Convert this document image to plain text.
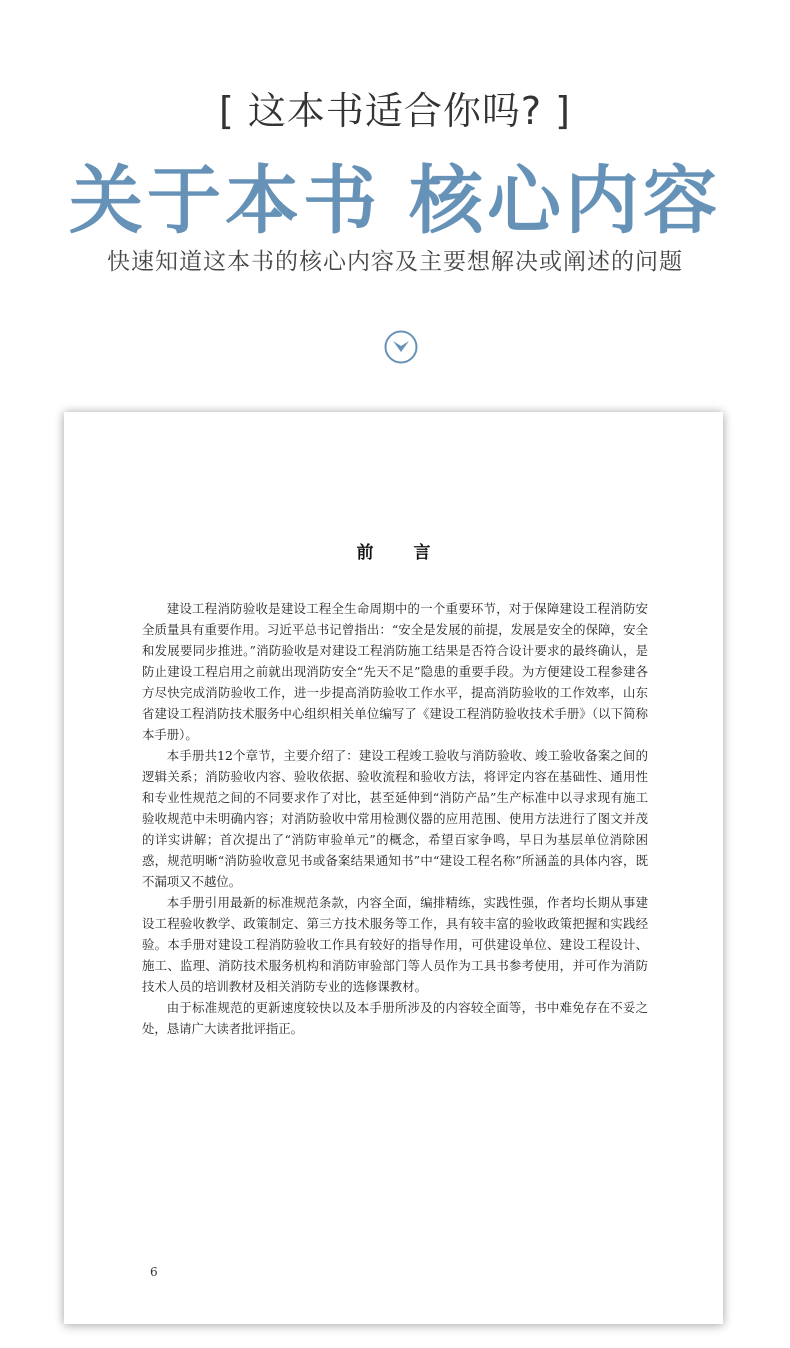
[ 这本书适合你吗? ]
关于本书 核心内容
快速知道这本书的核心内容及主要想解决或阐述的问题
前 言

建设工程消防验收是建设工程全生命周期中的一个重要环节，对于保障建设工程消防安全质量具有重要作用。习近平总书记曾指出：“安全是发展的前提，发展是安全的保障，安全和发展要同步推进。”消防验收是对建设工程消防施工结果是否符合设计要求的最终确认，是防止建设工程启用之前就出现消防安全“先天不足”隐患的重要手段。为方便建设工程参建各方尽快完成消防验收工作，进一步提高消防验收工作水平，提高消防验收的工作效率，山东省建设工程消防技术服务中心组织相关单位编写了《建设工程消防验收技术手册》（以下简称本手册）。

本手册共12个章节，主要介绍了：建设工程竣工验收与消防验收、竣工验收备案之间的逻辑关系；消防验收内容、验收依据、验收流程和验收方法，将评定内容在基础性、通用性和专业性规范之间的不同要求作了对比，甚至延伸到“消防产品”生产标准中以寻求现有施工验收规范中未明确内容；对消防验收中常用检测仪器的应用范围、使用方法进行了图文并茂的详实讲解；首次提出了“消防审验单元”的概念，希望百家争鸣，早日为基层单位消除困惑，规范明晰“消防验收意见书或备案结果通知书”中“建设工程名称”所涵盖的具体内容，既不漏项又不越位。

本手册引用最新的标准规范条款，内容全面，编排精练，实践性强，作者均长期从事建设工程验收教学、政策制定、第三方技术服务等工作，具有较丰富的验收政策把握和实践经验。本手册对建设工程消防验收工作具有较好的指导作用，可供建设单位、建设工程设计、施工、监理、消防技术服务机构和消防审验部门等人员作为工具书参考使用，并可作为消防技术人员的培训教材及相关消防专业的选修课教材。

由于标准规范的更新速度较快以及本手册所涉及的内容较全面等，书中难免存在不妥之处，恳请广大读者批评指正。

6
